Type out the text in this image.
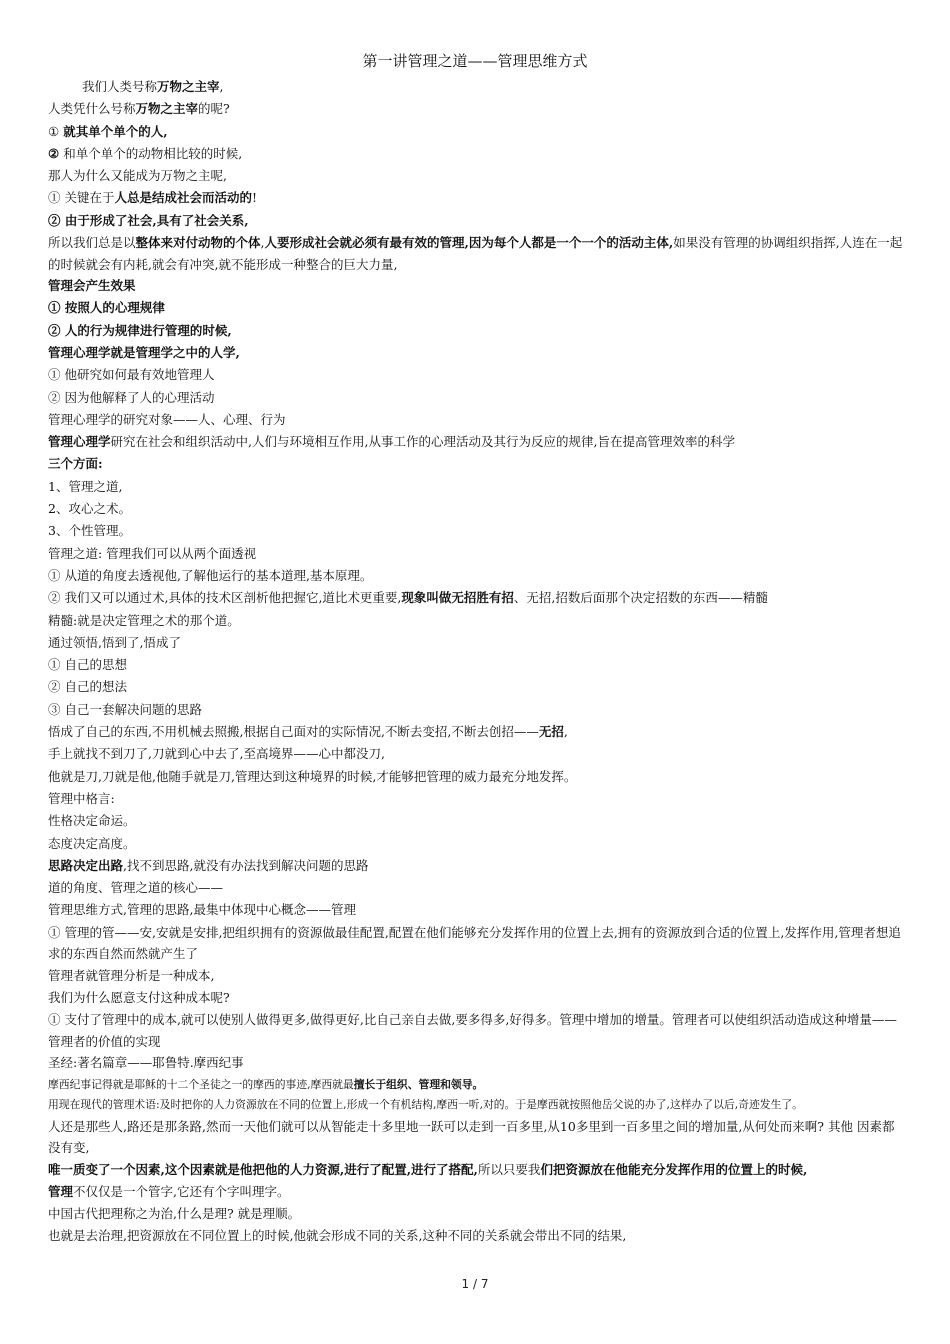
第一讲管理之道——管理思维方式
我们人类号称万物之主宰,
人类凭什么号称万物之主宰的呢?
① 就其单个单个的人,
② 和单个单个的动物相比较的时候,
那人为什么又能成为万物之主呢,
① 关键在于人总是结成社会而活动的!
② 由于形成了社会,具有了社会关系,
所以我们总是以整体来对付动物的个体,人要形成社会就必须有最有效的管理,因为每个人都是一个一个的活动主体,如果没有管理的协调组织指挥,人连在一起的时候就会有内耗,就会有冲突,就不能形成一种整合的巨大力量,
管理会产生效果
① 按照人的心理规律
② 人的行为规律进行管理的时候,
管理心理学就是管理学之中的人学,
① 他研究如何最有效地管理人
② 因为他解释了人的心理活动
管理心理学的研究对象——人、心理、行为
管理心理学研究在社会和组织活动中,人们与环境相互作用,从事工作的心理活动及其行为反应的规律,旨在提高管理效率的科学
三个方面:
1、管理之道,
2、攻心之术。
3、个性管理。
管理之道: 管理我们可以从两个面透视
① 从道的角度去透视他,了解他运行的基本道理,基本原理。
② 我们又可以通过术,具体的技术区剖析他把握它,道比术更重要,现象叫做无招胜有招、无招,招数后面那个决定招数的东西——精髓
精髓:就是决定管理之术的那个道。
通过领悟,悟到了,悟成了
① 自己的思想
② 自己的想法
③ 自己一套解决问题的思路
悟成了自己的东西,不用机械去照搬,根据自己面对的实际情况,不断去变招,不断去创招——无招,
手上就找不到刀了,刀就到心中去了,至高境界——心中都没刀,
他就是刀,刀就是他,他随手就是刀,管理达到这种境界的时候,才能够把管理的威力最充分地发挥。
管理中格言:
性格决定命运。
态度决定高度。
思路决定出路,找不到思路,就没有办法找到解决问题的思路
道的角度、管理之道的核心——
管理思维方式,管理的思路,最集中体现中心概念——管理
① 管理的管——安,安就是安排,把组织拥有的资源做最佳配置,配置在他们能够充分发挥作用的位置上去,拥有的资源放到合适的位置上,发挥作用,管理者想追求的东西自然而然就产生了
管理者就管理分析是一种成本,
我们为什么愿意支付这种成本呢?
① 支付了管理中的成本,就可以使别人做得更多,做得更好,比自己亲自去做,要多得多,好得多。管理中增加的增量。管理者可以使组织活动造成这种增量——管理者的价值的实现
圣经:著名篇章——耶鲁特.摩西纪事
摩西纪事记得就是耶稣的十二个圣徒之一的摩西的事迹,摩西就最擅长于组织、管理和领导。
用现在现代的管理术语:及时把你的人力资源放在不同的位置上,形成一个有机结构,摩西一听,对的。于是摩西就按照他岳父说的办了,这样办了以后,奇迹发生了。
人还是那些人,路还是那条路,然而一天他们就可以从智能走十多里地一跃可以走到一百多里,从10多里到一百多里之间的增加量,从何处而来啊? 其他 因素都没有变,
唯一质变了一个因素,这个因素就是他把他的人力资源,进行了配置,进行了搭配,所以只要我们把资源放在他能充分发挥作用的位置上的时候,
管理不仅仅是一个管字,它还有个字叫理字。
中国古代把理称之为治,什么是理? 就是理顺。
也就是去治理,把资源放在不同位置上的时候,他就会形成不同的关系,这种不同的关系就会带出不同的结果,
1 / 7
